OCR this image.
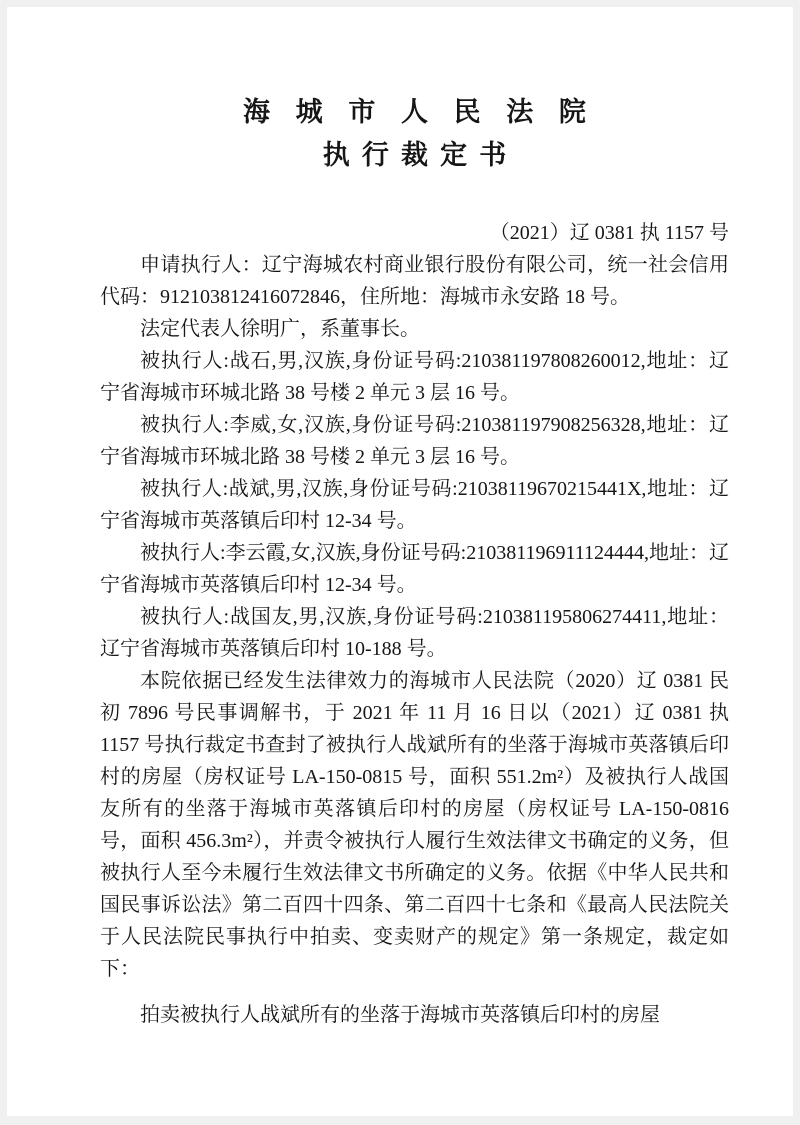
海城市人民法院
执行裁定书
（2021）辽 0381 执 1157 号

申请执行人：辽宁海城农村商业银行股份有限公司，统一社会信用代码：912103812416072846，住所地：海城市永安路 18 号。

法定代表人徐明广，系董事长。

被执行人:战石,男,汉族,身份证号码:210381197808260012,地址：辽宁省海城市环城北路 38 号楼 2 单元 3 层 16 号。

被执行人:李威,女,汉族,身份证号码:210381197908256328,地址：辽宁省海城市环城北路 38 号楼 2 单元 3 层 16 号。

被执行人:战斌,男,汉族,身份证号码:21038119670215441X,地址：辽宁省海城市英落镇后印村 12-34 号。

被执行人:李云霞,女,汉族,身份证号码:210381196911124444,地址：辽宁省海城市英落镇后印村 12-34 号。

被执行人:战国友,男,汉族,身份证号码:210381195806274411,地址：辽宁省海城市英落镇后印村 10-188 号。

本院依据已经发生法律效力的海城市人民法院（2020）辽 0381 民初 7896 号民事调解书，于 2021 年 11 月 16 日以（2021）辽 0381 执 1157 号执行裁定书查封了被执行人战斌所有的坐落于海城市英落镇后印村的房屋（房权证号 LA-150-0815 号，面积 551.2m²）及被执行人战国友所有的坐落于海城市英落镇后印村的房屋（房权证号 LA-150-0816 号，面积 456.3m²），并责令被执行人履行生效法律文书确定的义务，但被执行人至今未履行生效法律文书所确定的义务。依据《中华人民共和国民事诉讼法》第二百四十四条、第二百四十七条和《最高人民法院关于人民法院民事执行中拍卖、变卖财产的规定》第一条规定，裁定如下：

拍卖被执行人战斌所有的坐落于海城市英落镇后印村的房屋
